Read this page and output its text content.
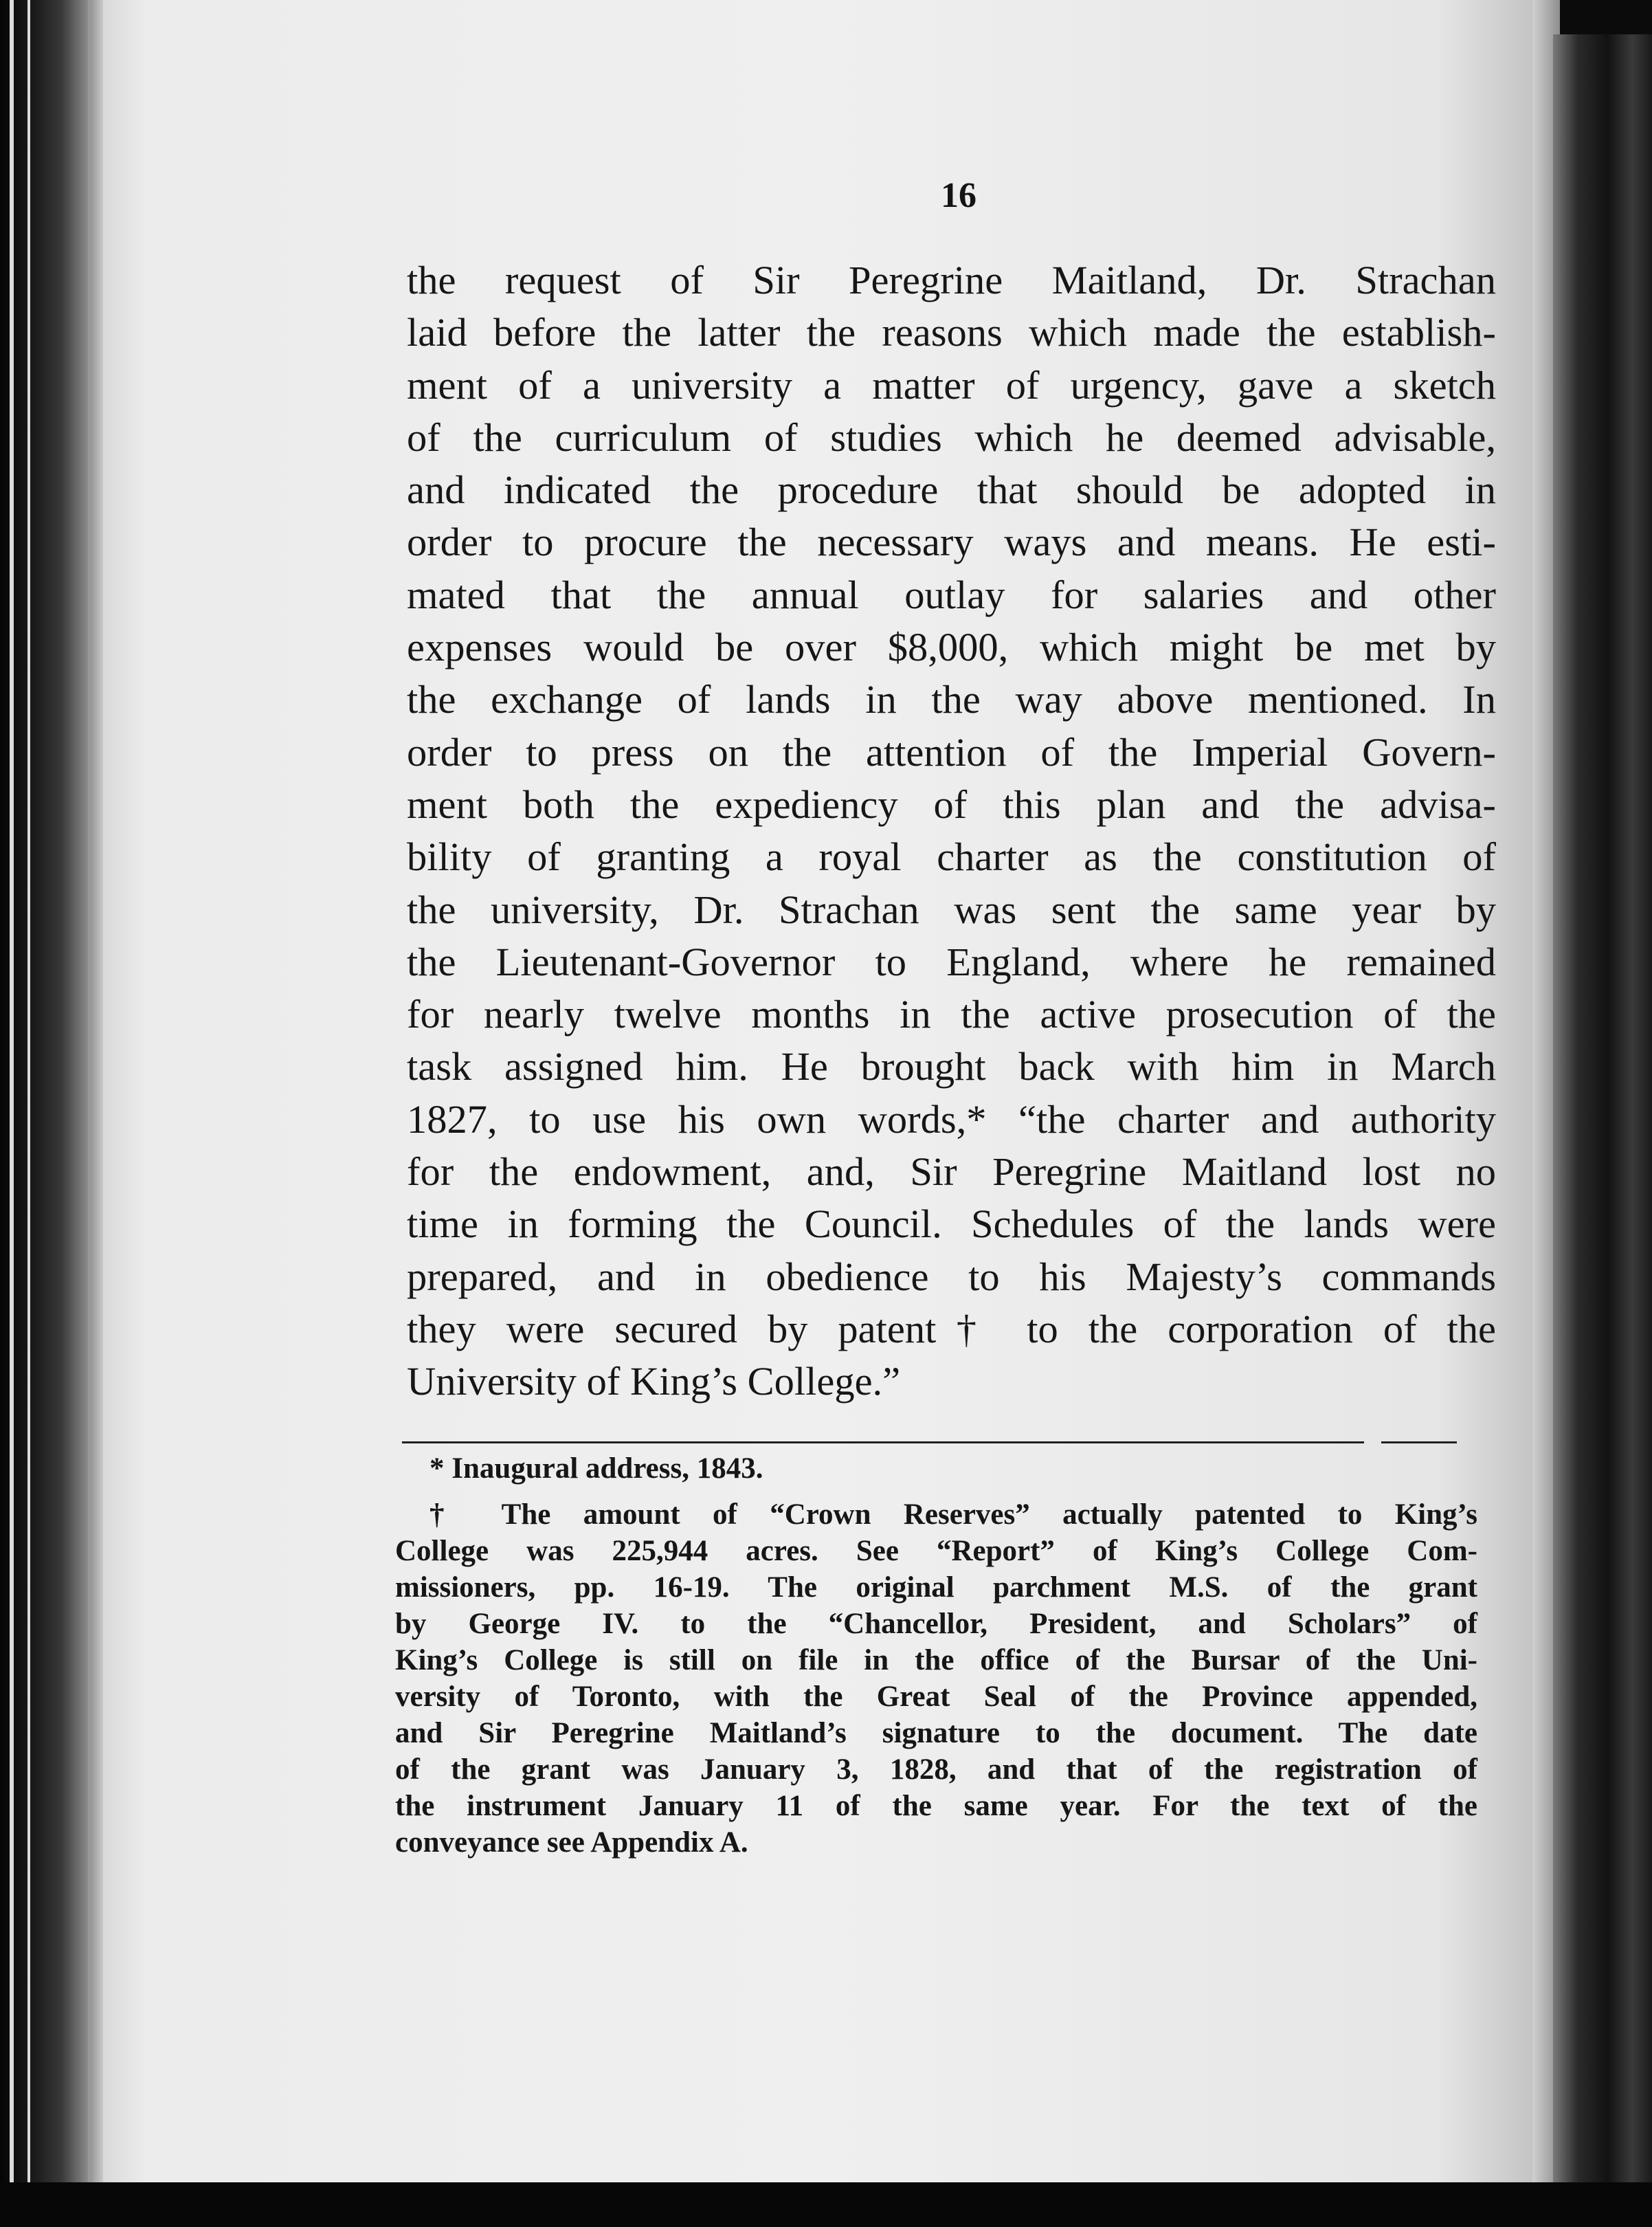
16
the request of Sir Peregrine Maitland, Dr. Strachan
laid before the latter the reasons which made the establish-
ment of a university a matter of urgency, gave a sketch
of the curriculum of studies which he deemed advisable,
and indicated the procedure that should be adopted in
order to procure the necessary ways and means. He esti-
mated that the annual outlay for salaries and other
expenses would be over $8,000, which might be met by
the exchange of lands in the way above mentioned. In
order to press on the attention of the Imperial Govern-
ment both the expediency of this plan and the advisa-
bility of granting a royal charter as the constitution of
the university, Dr. Strachan was sent the same year by
the Lieutenant-Governor to England, where he remained
for nearly twelve months in the active prosecution of the
task assigned him. He brought back with him in March
1827, to use his own words,* “the charter and authority
for the endowment, and, Sir Peregrine Maitland lost no
time in forming the Council. Schedules of the lands were
prepared, and in obedience to his Majesty’s commands
they were secured by patent† to the corporation of the
University of King’s College.”
* Inaugural address, 1843.
† The amount of “Crown Reserves” actually patented to King’s
College was 225,944 acres. See “Report” of King’s College Com-
missioners, pp. 16-19. The original parchment M.S. of the grant
by George IV. to the “Chancellor, President, and Scholars” of
King’s College is still on file in the office of the Bursar of the Uni-
versity of Toronto, with the Great Seal of the Province appended,
and Sir Peregrine Maitland’s signature to the document. The date
of the grant was January 3, 1828, and that of the registration of
the instrument January 11 of the same year. For the text of the
conveyance see Appendix A.
